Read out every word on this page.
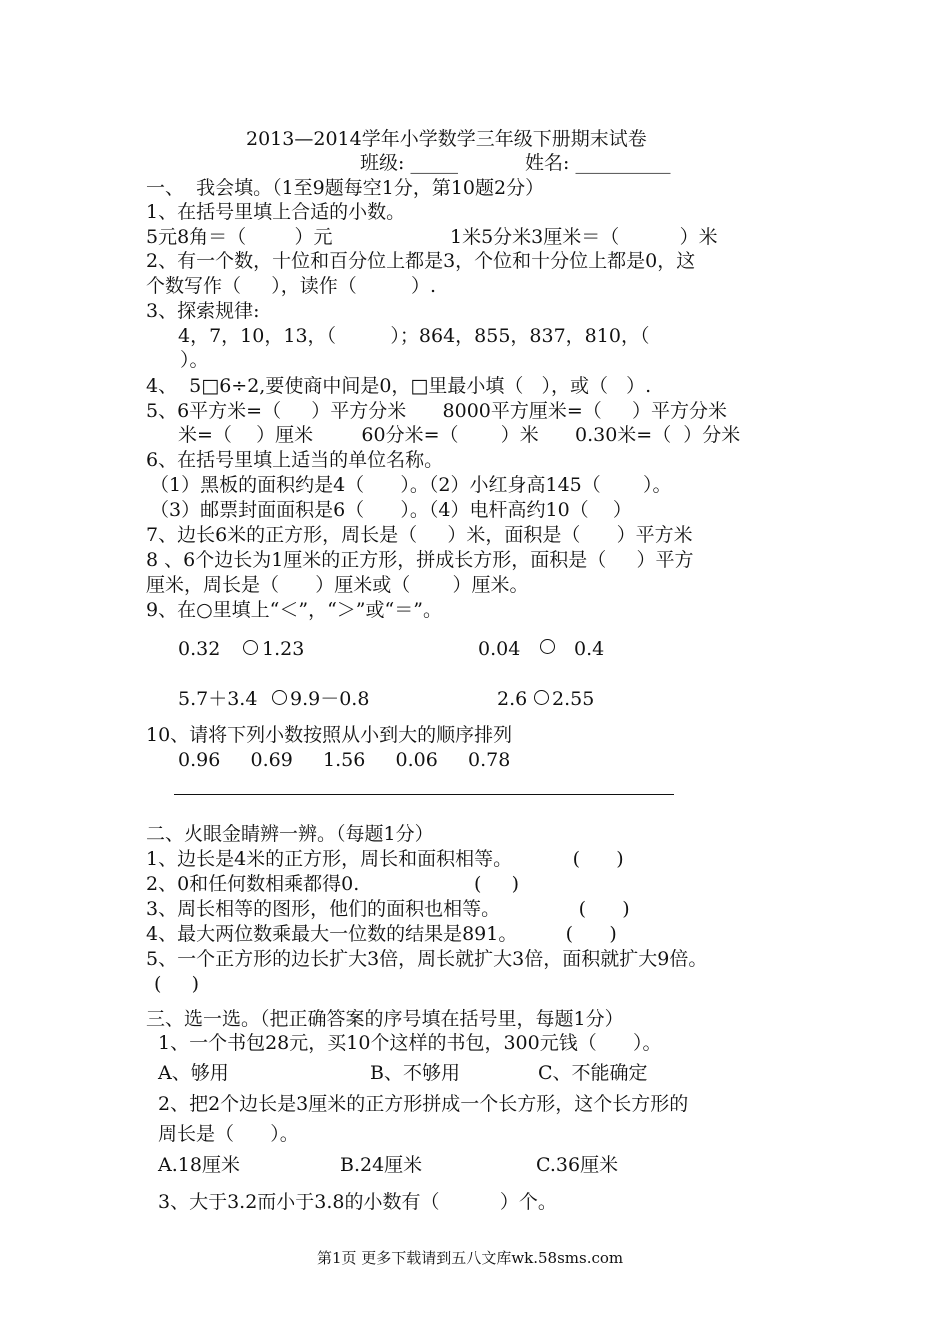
2013—2014学年小学数学三年级下册期末试卷
班级: _____	姓名: __________
一、  我会填。（1至9题每空1分，第10题2分）
1、在括号里填上合适的小数。
5元8角＝（        ）元	1米5分米3厘米＝（          ）米
2、有一个数，十位和百分位上都是3，个位和十分位上都是0，这
个数写作（     ），读作（         ）.
3、探索规律:
4，7，10，13，（         ）；864，855，837，810，（
）。
4、  5□6÷2,要使商中间是0，□里最小填（   ），或（   ）.
5、6平方米=（     ）平方分米      8000平方厘米=（     ）平方分米
米=（    ）厘米        60分米=（       ）米      0.30米=（  ）分米
6、在括号里填上适当的单位名称。
（1）黑板的面积约是4（      ）。（2）小红身高145（       ）。
（3）邮票封面面积是6（      ）。（4）电杆高约10（    ）
7、边长6米的正方形，周长是（     ）米，面积是（      ）平方米
8 、6个边长为1厘米的正方形，拼成长方形，面积是（     ）平方
厘米，周长是（      ）厘米或（       ）厘米。
9、在○里填上“＜”，“＞”或“＝”。
0.32 1.23	0.04	0.4
5.7＋3.4 9.9－0.8	2.6 2.55
10、请将下列小数按照从小到大的顺序排列
0.96     0.69     1.56     0.06     0.78
二、火眼金睛辨一辨。（每题1分）
1、边长是4米的正方形，周长和面积相等。          (      )
2、0和任何数相乘都得0.                   (     )
3、周长相等的图形，他们的面积也相等。             (      )
4、最大两位数乘最大一位数的结果是891。        (      )
5、一个正方形的边长扩大3倍，周长就扩大3倍，面积就扩大9倍。
(     )
三、选一选。（把正确答案的序号填在括号里，每题1分）
1、一个书包28元，买10个这样的书包，300元钱（      ）。
A、够用	B、不够用	C、不能确定
2、把2个边长是3厘米的正方形拼成一个长方形，这个长方形的
周长是（      ）。
A.18厘米	B.24厘米	C.36厘米
3、大于3.2而小于3.8的小数有（          ）个。
第1页 更多下载请到五八文库wk.58sms.com
